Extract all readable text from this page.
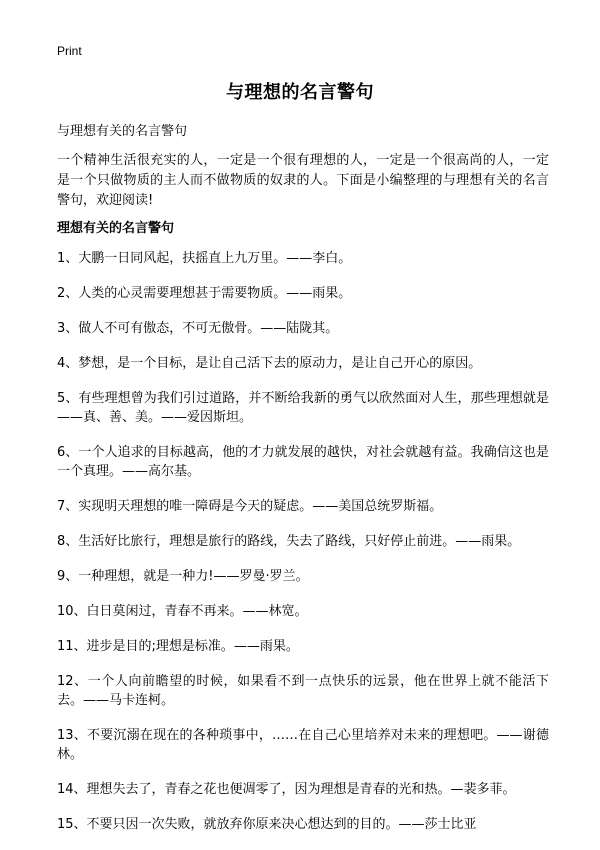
Print
与理想的名言警句
与理想有关的名言警句
一个精神生活很充实的人，一定是一个很有理想的人，一定是一个很高尚的人，一定是一个只做物质的主人而不做物质的奴隶的人。下面是小编整理的与理想有关的名言警句，欢迎阅读!
理想有关的名言警句
1、大鹏一日同风起，扶摇直上九万里。——李白。
2、人类的心灵需要理想甚于需要物质。——雨果。
3、做人不可有傲态，不可无傲骨。——陆陇其。
4、梦想，是一个目标，是让自己活下去的原动力，是让自己开心的原因。
5、有些理想曾为我们引过道路，并不断给我新的勇气以欣然面对人生，那些理想就是——真、善、美。——爱因斯坦。
6、一个人追求的目标越高，他的才力就发展的越快，对社会就越有益。我确信这也是一个真理。——高尔基。
7、实现明天理想的唯一障碍是今天的疑虑。——美国总统罗斯福。
8、生活好比旅行，理想是旅行的路线，失去了路线，只好停止前进。——雨果。
9、一种理想，就是一种力!——罗曼·罗兰。
10、白日莫闲过，青春不再来。——林宽。
11、进步是目的;理想是标准。——雨果。
12、一个人向前瞻望的时候，如果看不到一点快乐的远景，他在世界上就不能活下去。——马卡连柯。
13、不要沉溺在现在的各种琐事中，……在自己心里培养对未来的理想吧。——谢德林。
14、理想失去了，青春之花也便凋零了，因为理想是青春的光和热。—裴多菲。
15、不要只因一次失败，就放弃你原来决心想达到的目的。——莎士比亚
